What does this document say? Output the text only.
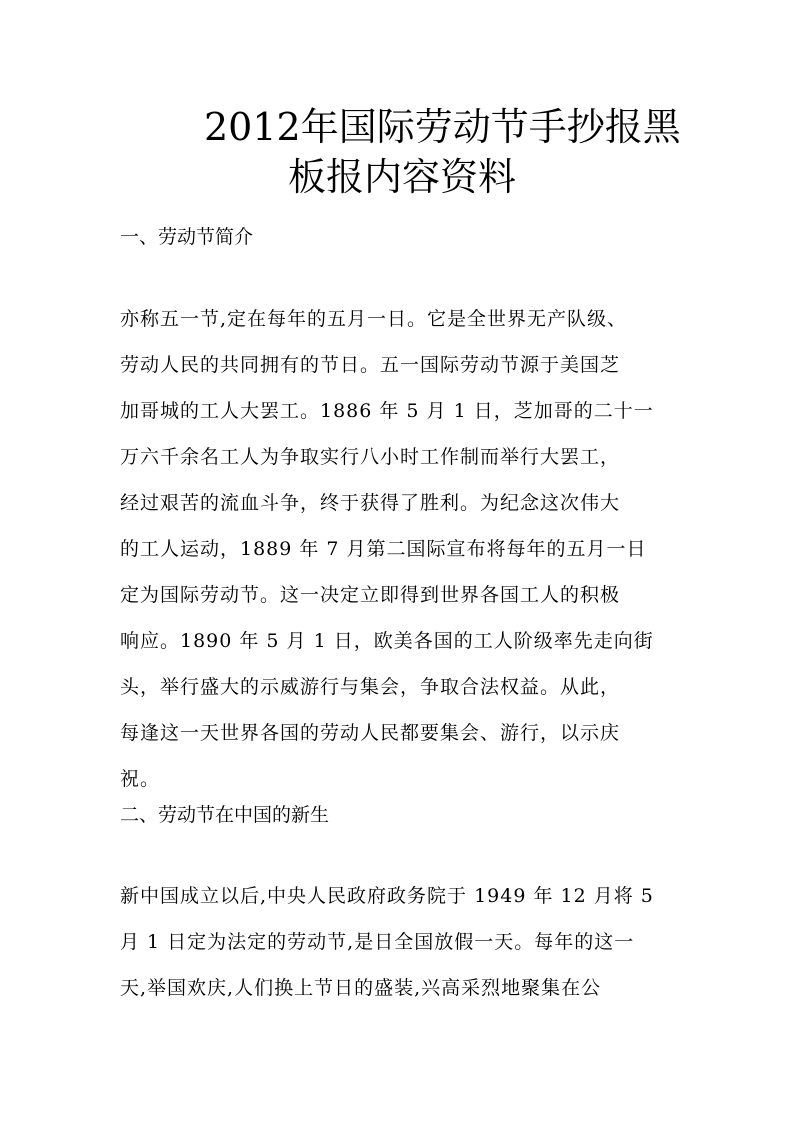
2012年国际劳动节手抄报黑
板报内容资料
一、劳动节简介
亦称五一节,定在每年的五月一日。它是全世界无产队级、
劳动人民的共同拥有的节日。五一国际劳动节源于美国芝
加哥城的工人大罢工。1886 年 5 月 1 日，芝加哥的二十一
万六千余名工人为争取实行八小时工作制而举行大罢工，
经过艰苦的流血斗争，终于获得了胜利。为纪念这次伟大
的工人运动，1889 年 7 月第二国际宣布将每年的五月一日
定为国际劳动节。这一决定立即得到世界各国工人的积极
响应。1890 年 5 月 1 日，欧美各国的工人阶级率先走向街
头，举行盛大的示威游行与集会，争取合法权益。从此，
每逢这一天世界各国的劳动人民都要集会、游行，以示庆
祝。
二、劳动节在中国的新生
新中国成立以后,中央人民政府政务院于 1949 年 12 月将 5
月 1 日定为法定的劳动节,是日全国放假一天。每年的这一
天,举国欢庆,人们换上节日的盛装,兴高采烈地聚集在公
